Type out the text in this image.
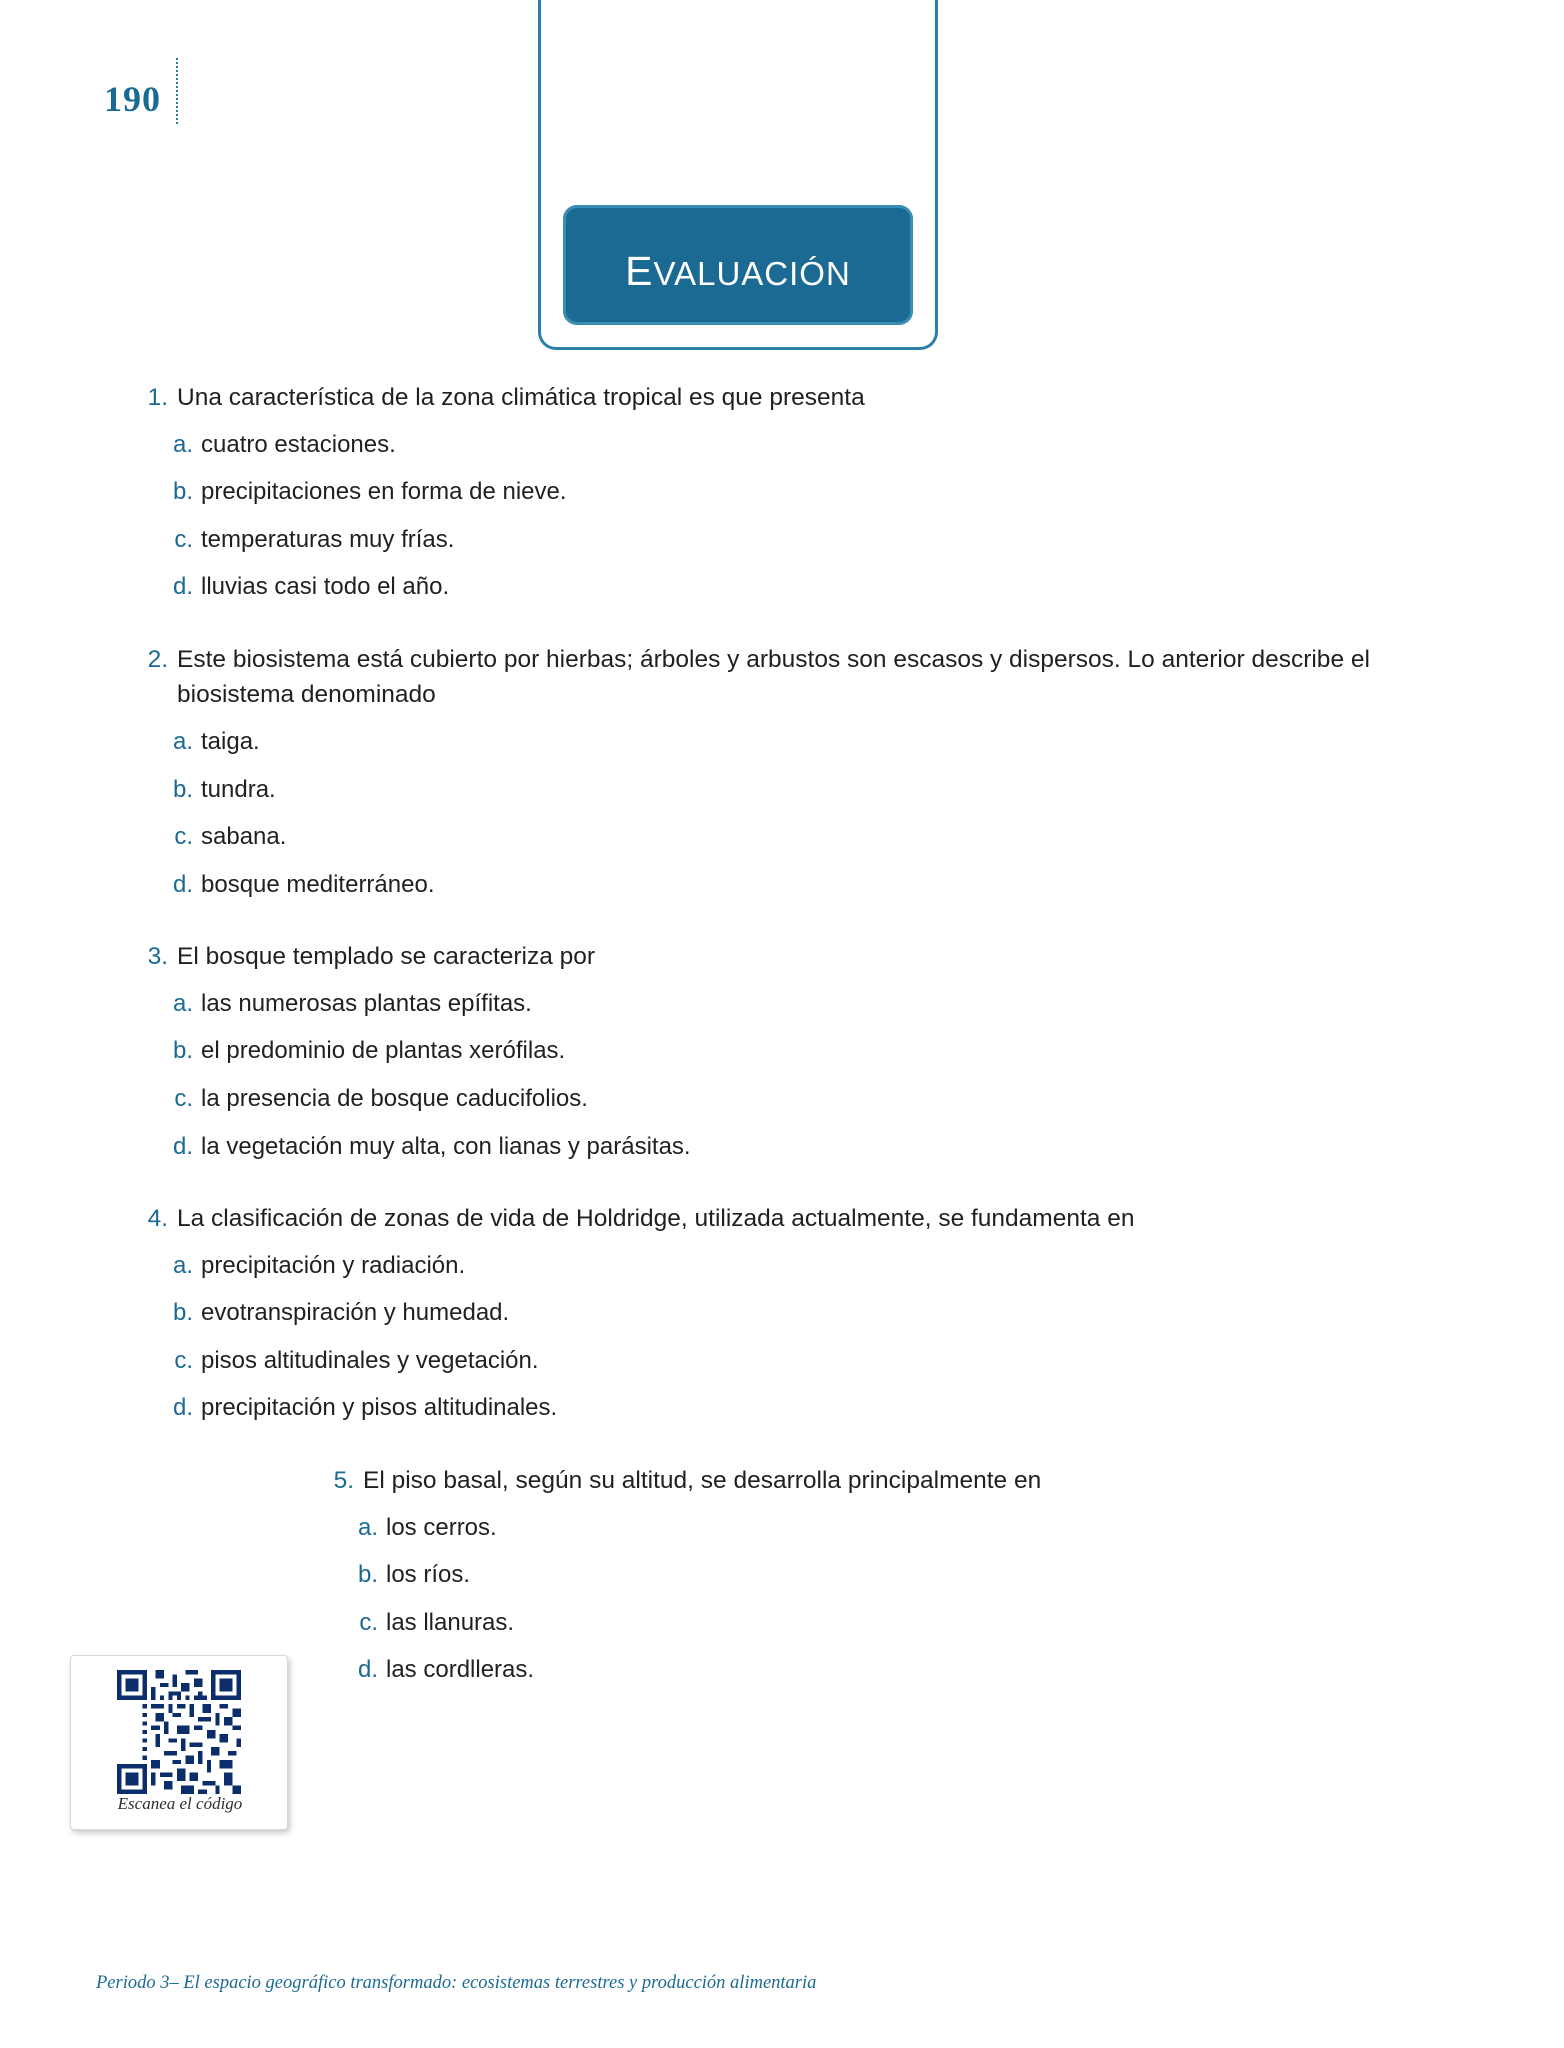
190
evaluación
1. Una característica de la zona climática tropical es que presenta
a. cuatro estaciones.
b. precipitaciones en forma de nieve.
c. temperaturas muy frías.
d. lluvias casi todo el año.
2. Este biosistema está cubierto por hierbas; árboles y arbustos son escasos y dispersos. Lo anterior describe el biosistema denominado
a. taiga.
b. tundra.
c. sabana.
d. bosque mediterráneo.
3. El bosque templado se caracteriza por
a. las numerosas plantas epífitas.
b. el predominio de plantas xerófilas.
c. la presencia de bosque caducifolios.
d. la vegetación muy alta, con lianas y parásitas.
4. La clasificación de zonas de vida de Holdridge, utilizada actualmente, se fundamenta en
a. precipitación y radiación.
b. evotranspiración y humedad.
c. pisos altitudinales y vegetación.
d. precipitación y pisos altitudinales.
5. El piso basal, según su altitud, se desarrolla principalmente en
a. los cerros.
b. los ríos.
c. las llanuras.
d. las cordlleras.
Escanea el código
Periodo 3– El espacio geográfico transformado: ecosistemas terrestres y producción alimentaria
